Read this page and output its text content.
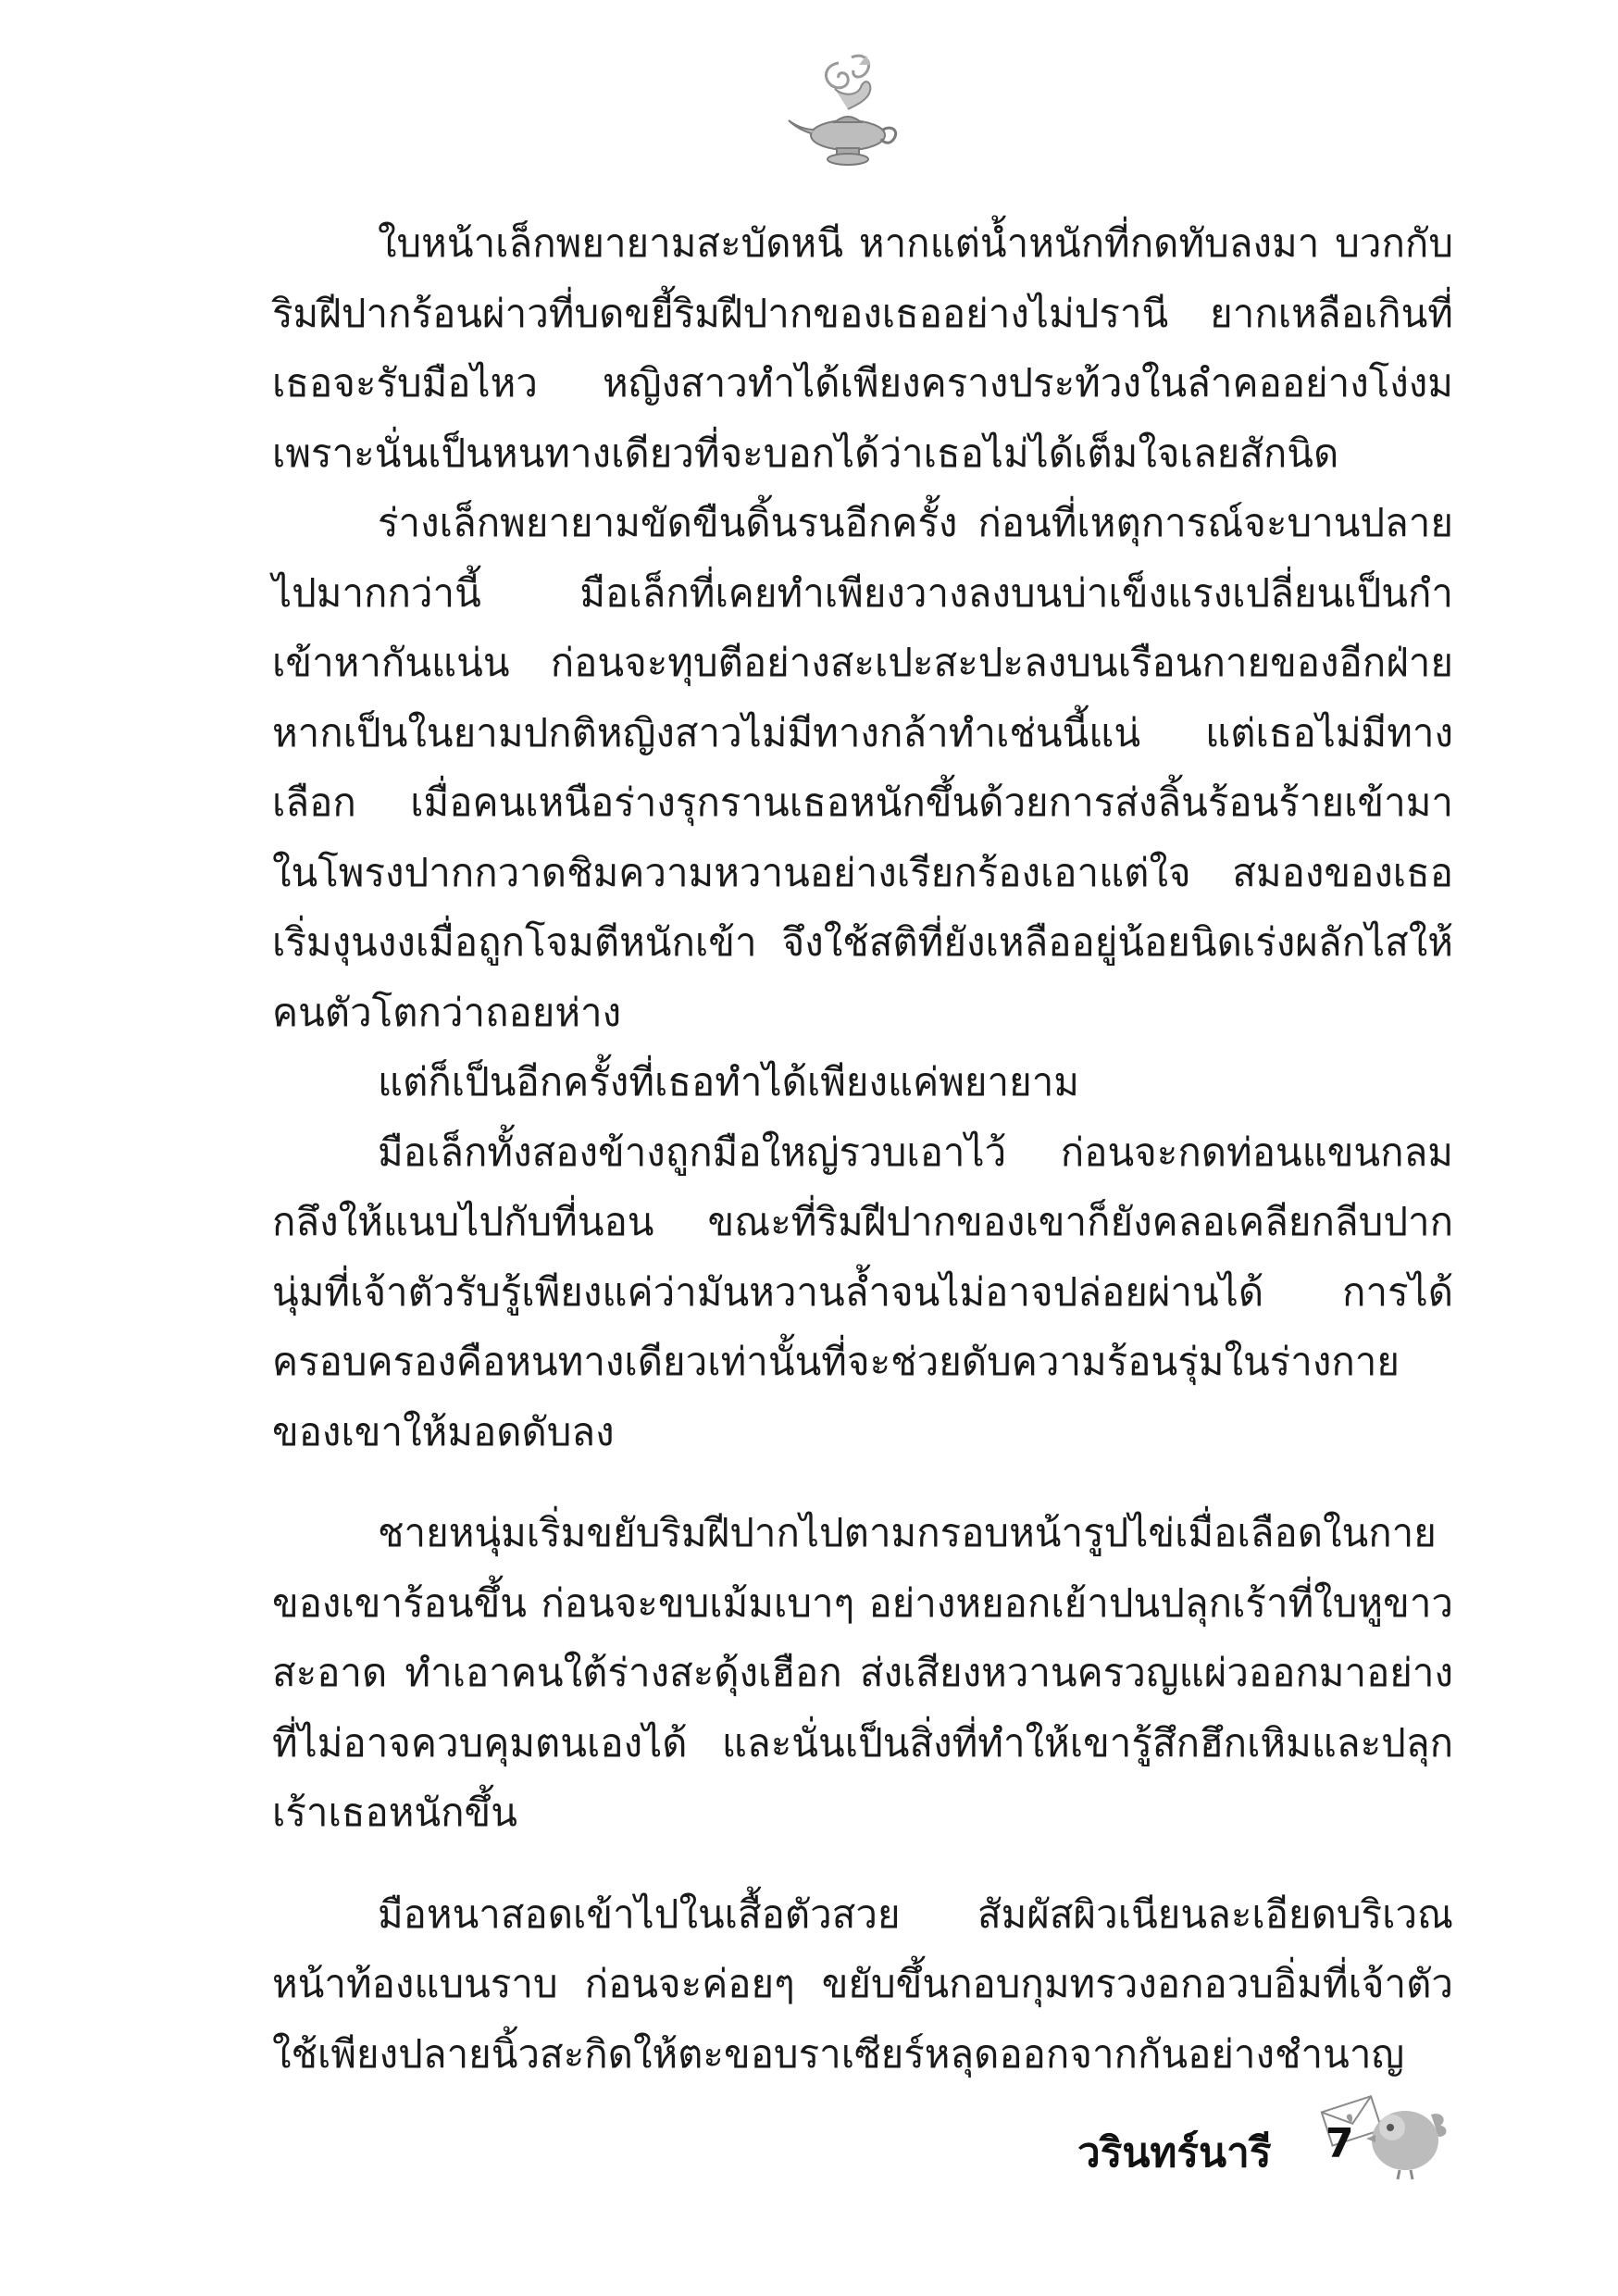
ใบหน้าเล็กพยายามสะบัดหนี หากแต่น้ำหนักที่กดทับลงมา บวกกับริมฝีปากร้อนผ่าวที่บดขยี้ริมฝีปากของเธออย่างไม่ปรานี ยากเหลือเกินที่เธอจะรับมือไหว หญิงสาวทำได้เพียงครางประท้วงในลำคออย่างโง่งมเพราะนั่นเป็นหนทางเดียวที่จะบอกได้ว่าเธอไม่ได้เต็มใจเลยสักนิด

ร่างเล็กพยายามขัดขืนดิ้นรนอีกครั้ง ก่อนที่เหตุการณ์จะบานปลายไปมากกว่านี้ มือเล็กที่เคยทำเพียงวางลงบนบ่าเข็งแรงเปลี่ยนเป็นกำเข้าหากันแน่น ก่อนจะทุบตีอย่างสะเปะสะปะลงบนเรือนกายของอีกฝ่าย หากเป็นในยามปกติหญิงสาวไม่มีทางกล้าทำเช่นนี้แน่ แต่เธอไม่มีทางเลือก เมื่อคนเหนือร่างรุกรานเธอหนักขึ้นด้วยการส่งลิ้นร้อนร้ายเข้ามาในโพรงปากกวาดชิมความหวานอย่างเรียกร้องเอาแต่ใจ สมองของเธอเริ่มงุนงงเมื่อถูกโจมตีหนักเข้า จึงใช้สติที่ยังเหลืออยู่น้อยนิดเร่งผลักไสให้คนตัวโตกว่าถอยห่าง

แต่ก็เป็นอีกครั้งที่เธอทำได้เพียงแค่พยายาม

มือเล็กทั้งสองข้างถูกมือใหญ่รวบเอาไว้ ก่อนจะกดท่อนแขนกลมกลึงให้แนบไปกับที่นอน ขณะที่ริมฝีปากของเขาก็ยังคลอเคลียกลีบปากนุ่มที่เจ้าตัวรับรู้เพียงแค่ว่ามันหวานล้ำจนไม่อาจปล่อยผ่านได้ การได้ครอบครองคือหนทางเดียวเท่านั้นที่จะช่วยดับความร้อนรุ่มในร่างกายของเขาให้มอดดับลง

ชายหนุ่มเริ่มขยับริมฝีปากไปตามกรอบหน้ารูปไข่เมื่อเลือดในกายของเขาร้อนขึ้น ก่อนจะขบเม้มเบาๆ อย่างหยอกเย้าปนปลุกเร้าที่ใบหูขาวสะอาด ทำเอาคนใต้ร่างสะดุ้งเฮือก ส่งเสียงหวานครวญแผ่วออกมาอย่างที่ไม่อาจควบคุมตนเองได้ และนั่นเป็นสิ่งที่ทำให้เขารู้สึกฮึกเหิมและปลุกเร้าเธอหนักขึ้น

มือหนาสอดเข้าไปในเสื้อตัวสวย สัมผัสผิวเนียนละเอียดบริเวณหน้าท้องแบนราบ ก่อนจะค่อยๆ ขยับขึ้นกอบกุมทรวงอกอวบอิ่มที่เจ้าตัวใช้เพียงปลายนิ้วสะกิดให้ตะขอบราเซียร์หลุดออกจากกันอย่างชำนาญ

วรินทร์นารี 7
